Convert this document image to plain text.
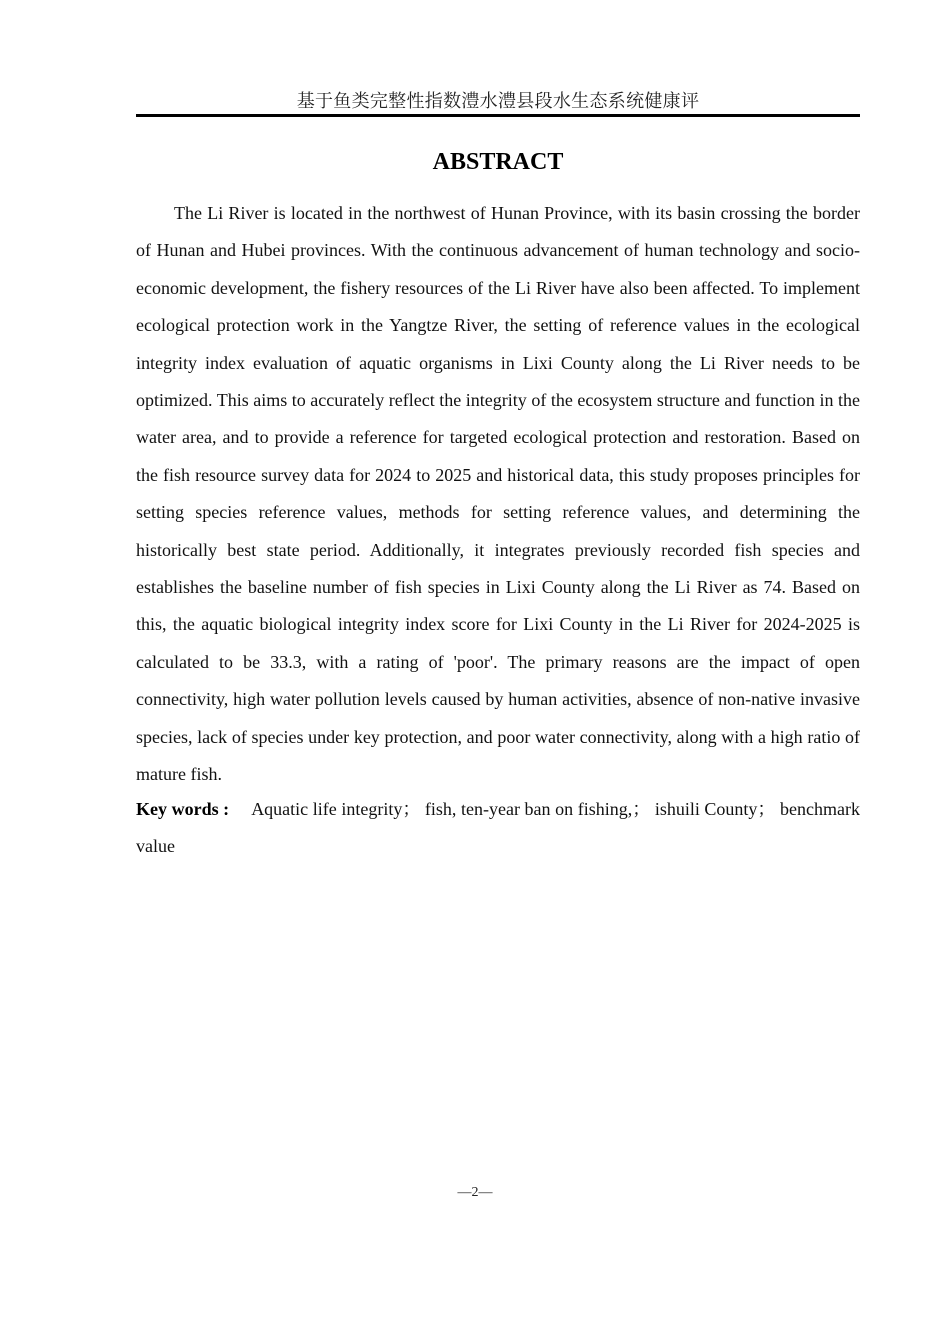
基于鱼类完整性指数澧水澧县段水生态系统健康评
ABSTRACT

The Li River is located in the northwest of Hunan Province, with its basin crossing the border of Hunan and Hubei provinces. With the continuous advancement of human technology and socio-economic development, the fishery resources of the Li River have also been affected. To implement ecological protection work in the Yangtze River, the setting of reference values in the ecological integrity index evaluation of aquatic organisms in Lixi County along the Li River needs to be optimized. This aims to accurately reflect the integrity of the ecosystem structure and function in the water area, and to provide a reference for targeted ecological protection and restoration. Based on the fish resource survey data for 2024 to 2025 and historical data, this study proposes principles for setting species reference values, methods for setting reference values, and determining the historically best state period. Additionally, it integrates previously recorded fish species and establishes the baseline number of fish species in Lixi County along the Li River as 74. Based on this, the aquatic biological integrity index score for Lixi County in the Li River for 2024-2025 is calculated to be 33.3, with a rating of 'poor'. The primary reasons are the impact of open connectivity, high water pollution levels caused by human activities, absence of non-native invasive species, lack of species under key protection, and poor water connectivity, along with a high ratio of mature fish.

Key words : Aquatic life integrity； fish, ten-year ban on fishing,； ishuili County； benchmark value

—2—
